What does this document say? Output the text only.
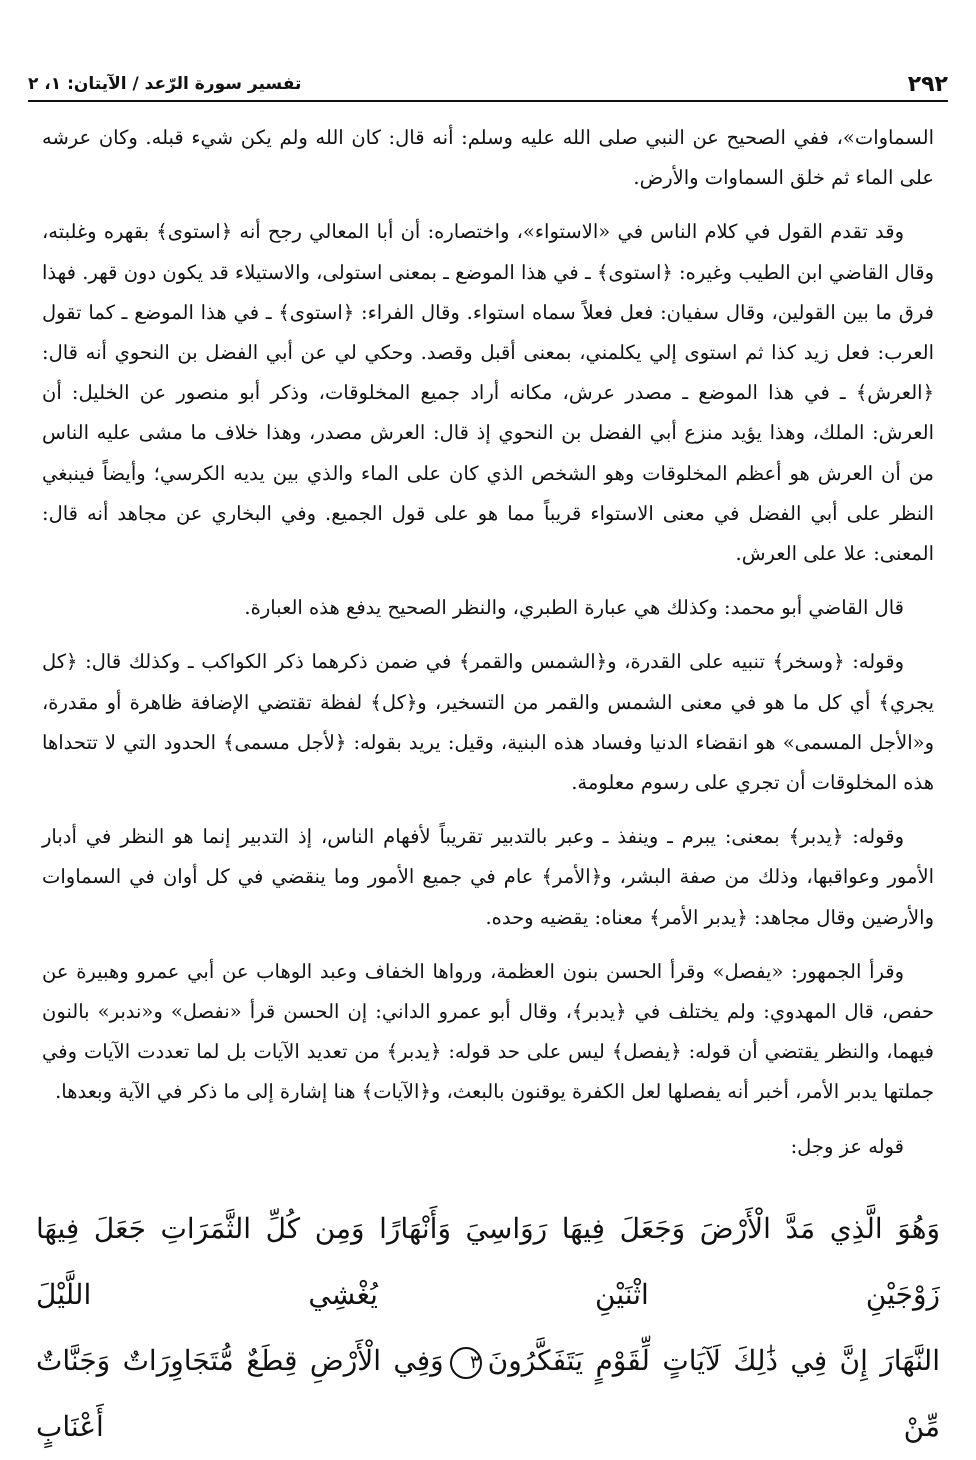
٢٩٢
تفسير سورة الرّعد / الآيتان: ١، ٢

السماوات»، ففي الصحيح عن النبي صلى الله عليه وسلم: أنه قال: كان الله ولم يكن شيء قبله. وكان عرشه على الماء ثم خلق السماوات والأرض.

وقد تقدم القول في كلام الناس في «الاستواء»، واختصاره: أن أبا المعالي رجح أنه ﴿استوى﴾ بقهره وغلبته، وقال القاضي ابن الطيب وغيره: ﴿استوى﴾ ـ في هذا الموضع ـ بمعنى استولى، والاستيلاء قد يكون دون قهر. فهذا فرق ما بين القولين، وقال سفيان: فعل فعلاً سماه استواء. وقال الفراء: ﴿استوى﴾ ـ في هذا الموضع ـ كما تقول العرب: فعل زيد كذا ثم استوى إلي يكلمني، بمعنى أقبل وقصد. وحكي لي عن أبي الفضل بن النحوي أنه قال: ﴿العرش﴾ ـ في هذا الموضع ـ مصدر عرش، مكانه أراد جميع المخلوقات، وذكر أبو منصور عن الخليل: أن العرش: الملك، وهذا يؤيد منزع أبي الفضل بن النحوي إذ قال: العرش مصدر، وهذا خلاف ما مشى عليه الناس من أن العرش هو أعظم المخلوقات وهو الشخص الذي كان على الماء والذي بين يديه الكرسي؛ وأيضاً فينبغي النظر على أبي الفضل في معنى الاستواء قريباً مما هو على قول الجميع. وفي البخاري عن مجاهد أنه قال: المعنى: علا على العرش.

قال القاضي أبو محمد: وكذلك هي عبارة الطبري، والنظر الصحيح يدفع هذه العبارة.

وقوله: ﴿وسخر﴾ تنبيه على القدرة، و﴿الشمس والقمر﴾ في ضمن ذكرهما ذكر الكواكب ـ وكذلك قال: ﴿كل يجري﴾ أي كل ما هو في معنى الشمس والقمر من التسخير، و﴿كل﴾ لفظة تقتضي الإضافة ظاهرة أو مقدرة، و«الأجل المسمى» هو انقضاء الدنيا وفساد هذه البنية، وقيل: يريد بقوله: ﴿لأجل مسمى﴾ الحدود التي لا تتحداها هذه المخلوقات أن تجري على رسوم معلومة.

وقوله: ﴿يدبر﴾ بمعنى: يبرم ـ وينفذ ـ وعبر بالتدبير تقريباً لأفهام الناس، إذ التدبير إنما هو النظر في أدبار الأمور وعواقبها، وذلك من صفة البشر، و﴿الأمر﴾ عام في جميع الأمور وما ينقضي في كل أوان في السماوات والأرضين وقال مجاهد: ﴿يدبر الأمر﴾ معناه: يقضيه وحده.

وقرأ الجمهور: «يفصل» وقرأ الحسن بنون العظمة، ورواها الخفاف وعبد الوهاب عن أبي عمرو وهبيرة عن حفص، قال المهدوي: ولم يختلف في ﴿يدبر﴾، وقال أبو عمرو الداني: إن الحسن قرأ «نفصل» و«ندبر» بالنون فيهما، والنظر يقتضي أن قوله: ﴿يفصل﴾ ليس على حد قوله: ﴿يدبر﴾ من تعديد الآيات بل لما تعددت الآيات وفي جملتها يدبر الأمر، أخبر أنه يفصلها لعل الكفرة يوقنون بالبعث، و﴿الآيات﴾ هنا إشارة إلى ما ذكر في الآية وبعدها.

قوله عز وجل:

وَهُوَ الَّذِي مَدَّ الْأَرْضَ وَجَعَلَ فِيهَا رَوَاسِيَ وَأَنْهَارًا وَمِن كُلِّ الثَّمَرَاتِ جَعَلَ فِيهَا زَوْجَيْنِ اثْنَيْنِ يُغْشِي اللَّيْلَ

النَّهَارَ إِنَّ فِي ذَٰلِكَ لَآيَاتٍ لِّقَوْمٍ يَتَفَكَّرُونَ٣وَفِي الْأَرْضِ قِطَعٌ مُّتَجَاوِرَاتٌ وَجَنَّاتٌ مِّنْ أَعْنَابٍ
